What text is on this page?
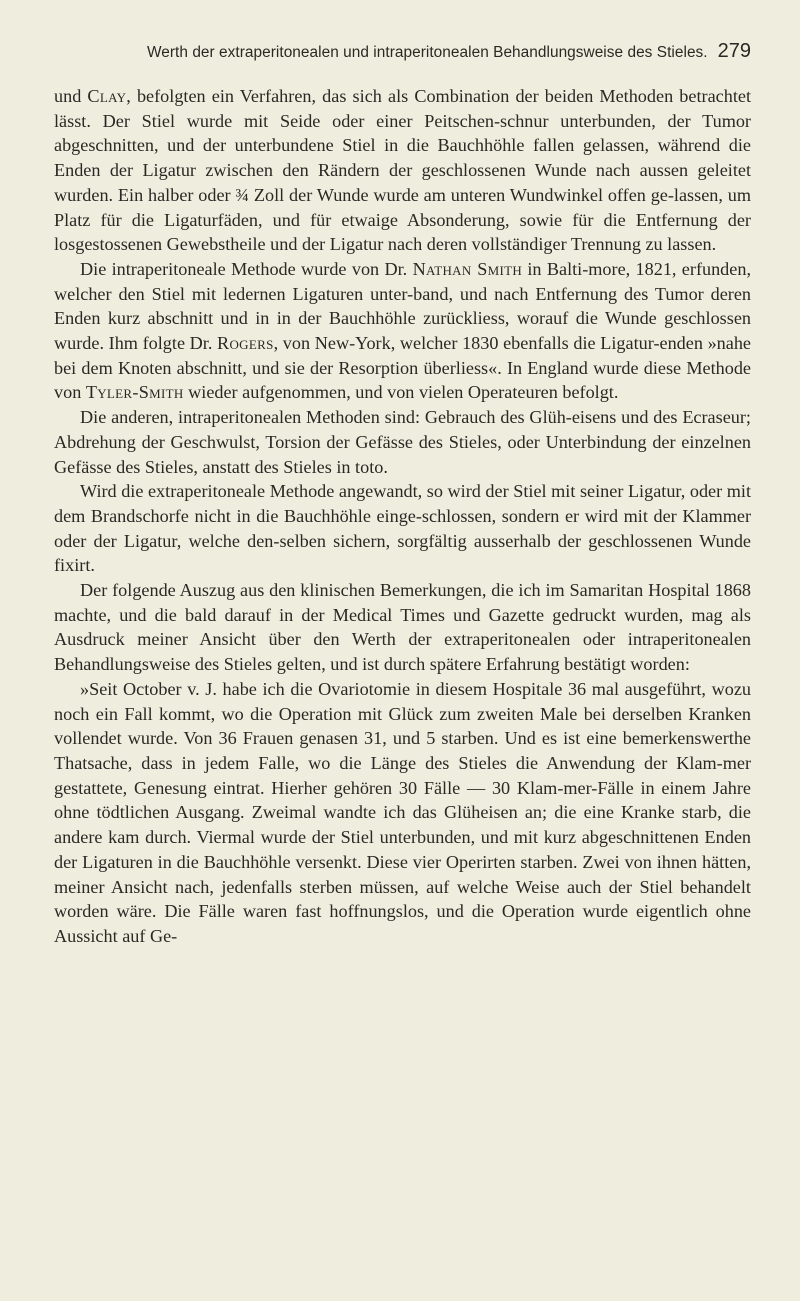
Werth der extraperitonealen und intraperitonealen Behandlungsweise des Stieles. 279

und Clay, befolgten ein Verfahren, das sich als Combination der beiden Methoden betrachtet lässt. Der Stiel wurde mit Seide oder einer Peitschen-schnur unterbunden, der Tumor abgeschnitten, und der unterbundene Stiel in die Bauchhöhle fallen gelassen, während die Enden der Ligatur zwischen den Rändern der geschlossenen Wunde nach aussen geleitet wurden. Ein halber oder ¾ Zoll der Wunde wurde am unteren Wundwinkel offen ge-lassen, um Platz für die Ligaturfäden, und für etwaige Absonderung, sowie für die Entfernung der losgestossenen Gewebstheile und der Ligatur nach deren vollständiger Trennung zu lassen.

Die intraperitoneale Methode wurde von Dr. Nathan Smith in Balti-more, 1821, erfunden, welcher den Stiel mit ledernen Ligaturen unter-band, und nach Entfernung des Tumor deren Enden kurz abschnitt und in in der Bauchhöhle zurückliess, worauf die Wunde geschlossen wurde. Ihm folgte Dr. Rogers, von New-York, welcher 1830 ebenfalls die Ligatur-enden »nahe bei dem Knoten abschnitt, und sie der Resorption überliess«. In England wurde diese Methode von Tyler-Smith wieder aufgenommen, und von vielen Operateuren befolgt.

Die anderen, intraperitonealen Methoden sind: Gebrauch des Glüh-eisens und des Ecraseur; Abdrehung der Geschwulst, Torsion der Gefässe des Stieles, oder Unterbindung der einzelnen Gefässe des Stieles, anstatt des Stieles in toto.

Wird die extraperitoneale Methode angewandt, so wird der Stiel mit seiner Ligatur, oder mit dem Brandschorfe nicht in die Bauchhöhle einge-schlossen, sondern er wird mit der Klammer oder der Ligatur, welche den-selben sichern, sorgfältig ausserhalb der geschlossenen Wunde fixirt.

Der folgende Auszug aus den klinischen Bemerkungen, die ich im Samaritan Hospital 1868 machte, und die bald darauf in der Medical Times und Gazette gedruckt wurden, mag als Ausdruck meiner Ansicht über den Werth der extraperitonealen oder intraperitonealen Behandlungsweise des Stieles gelten, und ist durch spätere Erfahrung bestätigt worden:

»Seit October v. J. habe ich die Ovariotomie in diesem Hospitale 36 mal ausgeführt, wozu noch ein Fall kommt, wo die Operation mit Glück zum zweiten Male bei derselben Kranken vollendet wurde. Von 36 Frauen genasen 31, und 5 starben. Und es ist eine bemerkenswerthe Thatsache, dass in jedem Falle, wo die Länge des Stieles die Anwendung der Klam-mer gestattete, Genesung eintrat. Hierher gehören 30 Fälle — 30 Klam-mer-Fälle in einem Jahre ohne tödtlichen Ausgang. Zweimal wandte ich das Glüheisen an; die eine Kranke starb, die andere kam durch. Viermal wurde der Stiel unterbunden, und mit kurz abgeschnittenen Enden der Ligaturen in die Bauchhöhle versenkt. Diese vier Operirten starben. Zwei von ihnen hätten, meiner Ansicht nach, jedenfalls sterben müssen, auf welche Weise auch der Stiel behandelt worden wäre. Die Fälle waren fast hoffnungslos, und die Operation wurde eigentlich ohne Aussicht auf Ge-
